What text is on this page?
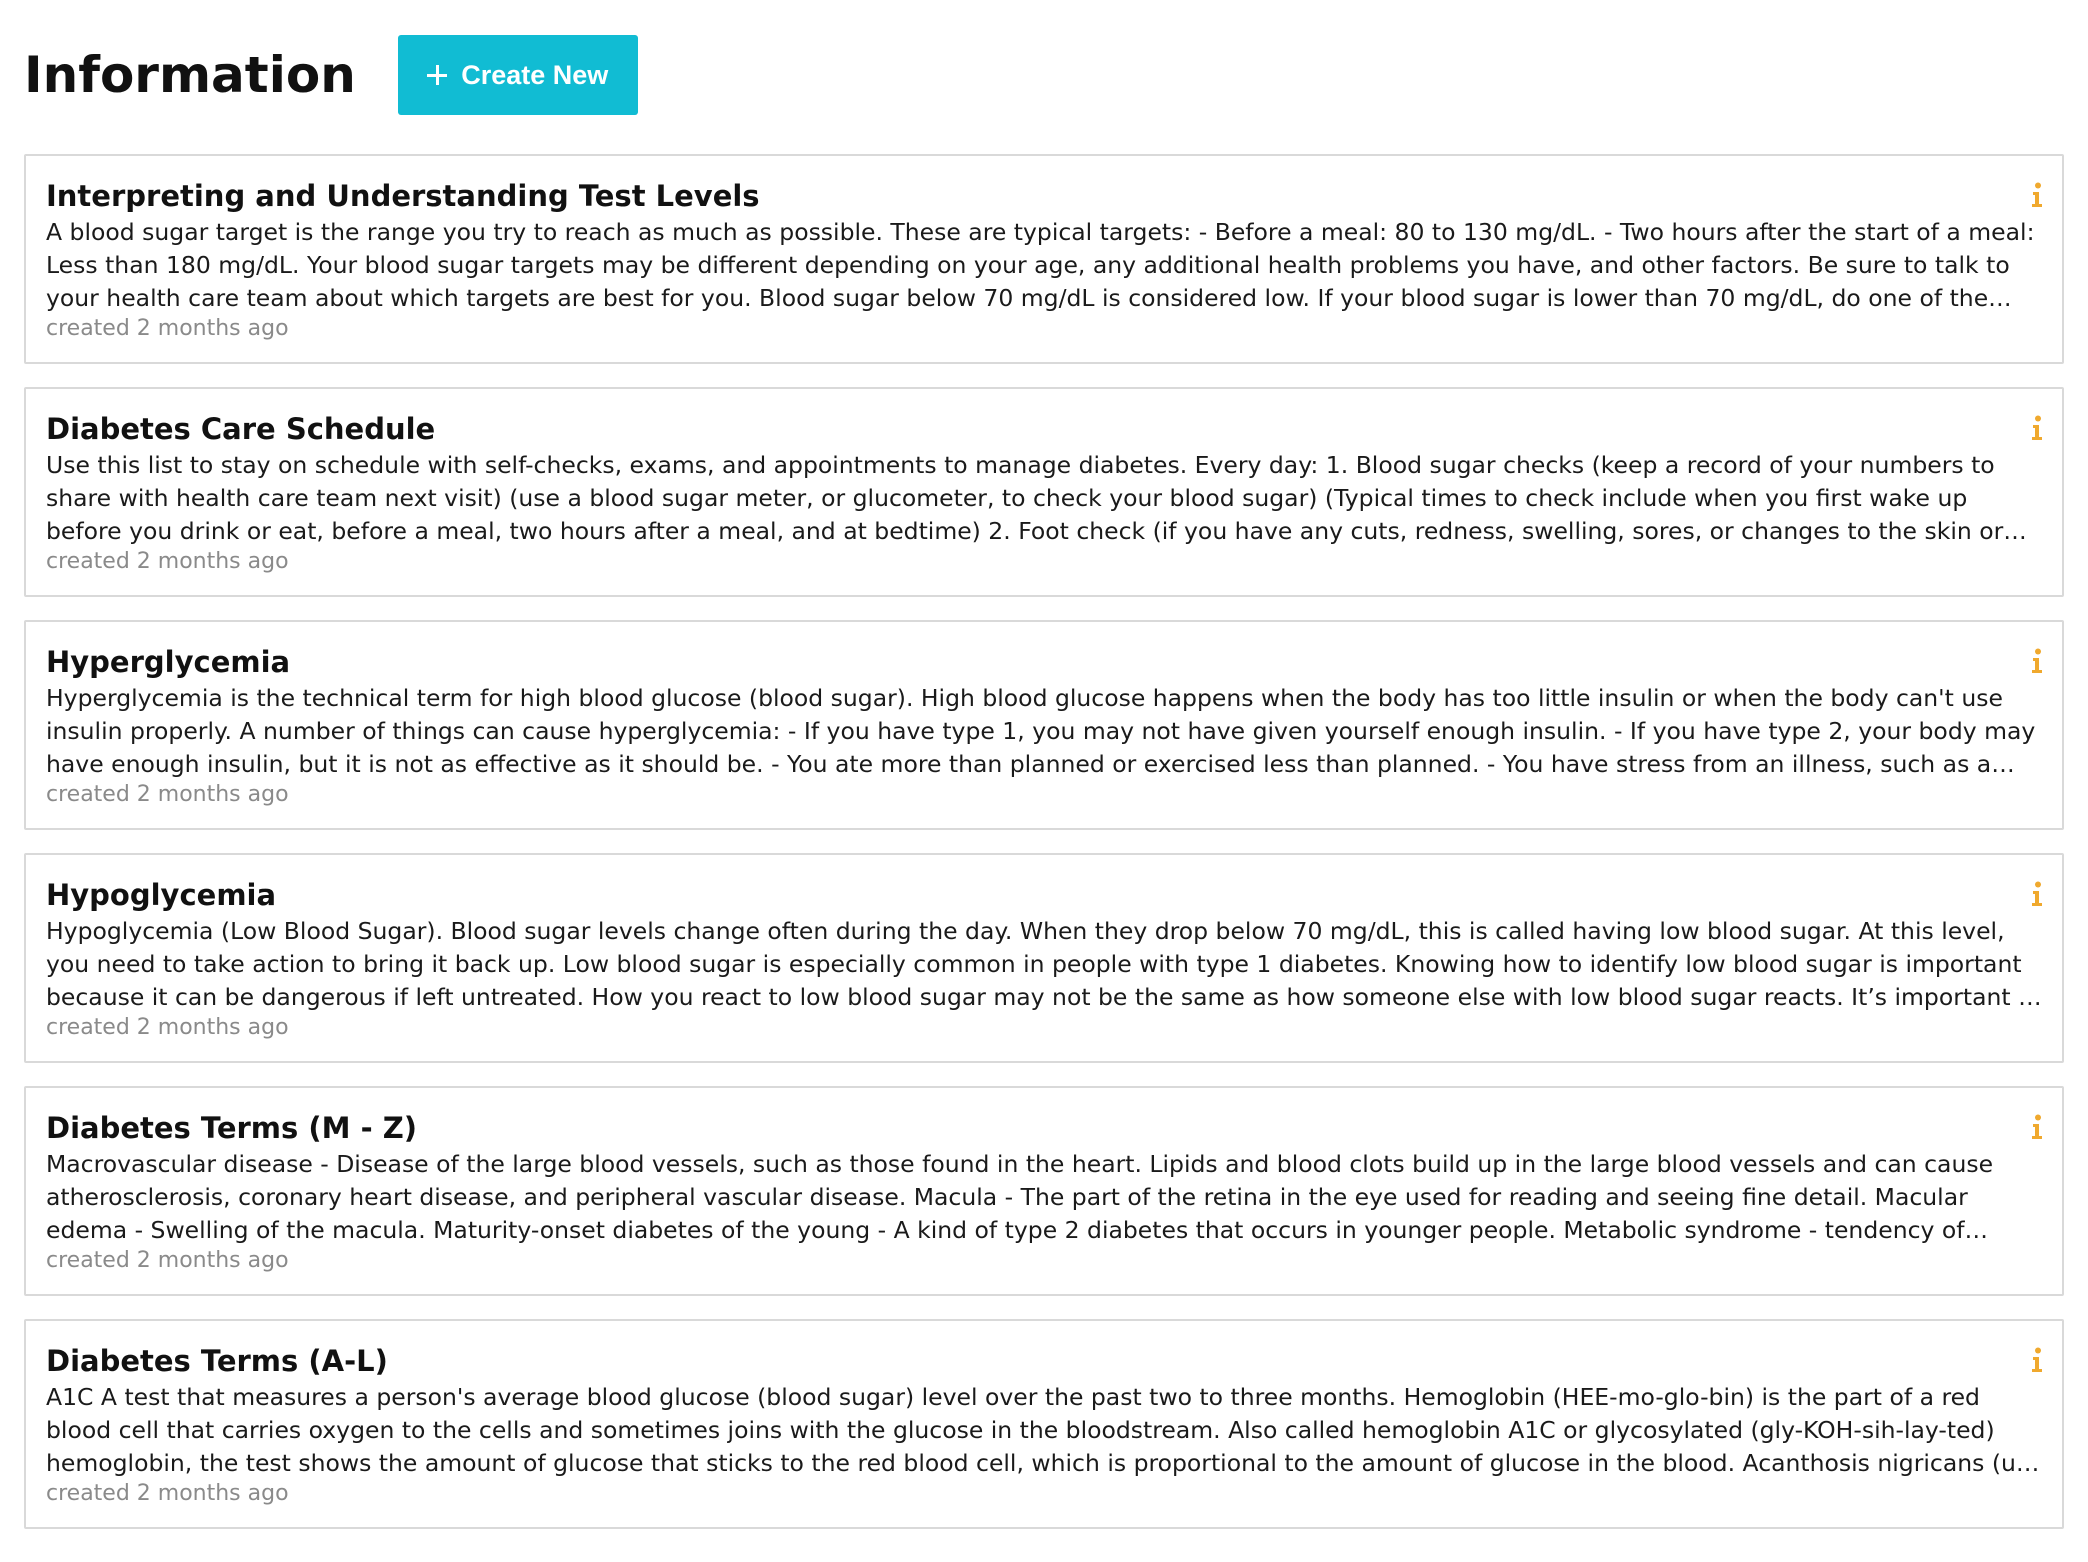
Information	Create New
Interpreting and Understanding Test Levels
A blood sugar target is the range you try to reach as much as possible. These are typical targets: - Before a meal: 80 to 130 mg/dL. - Two hours after the start of a meal: Less than 180 mg/dL. Your blood sugar targets may be different depending on your age, any additional health problems you have, and other factors. Be sure to talk to your health care team about which targets are best for you. Blood sugar below 70 mg/dL is considered low. If your blood sugar is lower than 70 mg/dL, do one of the
created 2 months ago
Diabetes Care Schedule
Use this list to stay on schedule with self-checks, exams, and appointments to manage diabetes. Every day: 1. Blood sugar checks (keep a record of your numbers to share with health care team next visit) (use a blood sugar meter, or glucometer, to check your blood sugar) (Typical times to check include when you first wake up before you drink or eat, before a meal, two hours after a meal, and at bedtime) 2. Foot check (if you have any cuts, redness, swelling, sores, or changes to the skin or
created 2 months ago
Hyperglycemia
Hyperglycemia is the technical term for high blood glucose (blood sugar). High blood glucose happens when the body has too little insulin or when the body can't use insulin properly. A number of things can cause hyperglycemia: - If you have type 1, you may not have given yourself enough insulin. - If you have type 2, your body may have enough insulin, but it is not as effective as it should be. - You ate more than planned or exercised less than planned. - You have stress from an illness, such as a
created 2 months ago
Hypoglycemia
Hypoglycemia (Low Blood Sugar). Blood sugar levels change often during the day. When they drop below 70 mg/dL, this is called having low blood sugar. At this level, you need to take action to bring it back up. Low blood sugar is especially common in people with type 1 diabetes. Knowing how to identify low blood sugar is important because it can be dangerous if left untreated. How you react to low blood sugar may not be the same as how someone else with low blood sugar reacts. It’s important to
created 2 months ago
Diabetes Terms (M - Z)
Macrovascular disease - Disease of the large blood vessels, such as those found in the heart. Lipids and blood clots build up in the large blood vessels and can cause atherosclerosis, coronary heart disease, and peripheral vascular disease. Macula - The part of the retina in the eye used for reading and seeing fine detail. Macular edema - Swelling of the macula. Maturity-onset diabetes of the young - A kind of type 2 diabetes that occurs in younger people. Metabolic syndrome - tendency of
created 2 months ago
Diabetes Terms (A-L)
A1C A test that measures a person's average blood glucose (blood sugar) level over the past two to three months. Hemoglobin (HEE-mo-glo-bin) is the part of a red blood cell that carries oxygen to the cells and sometimes joins with the glucose in the bloodstream. Also called hemoglobin A1C or glycosylated (gly-KOH-sih-lay-ted) hemoglobin, the test shows the amount of glucose that sticks to the red blood cell, which is proportional to the amount of glucose in the blood. Acanthosis nigricans (uh-
created 2 months ago
